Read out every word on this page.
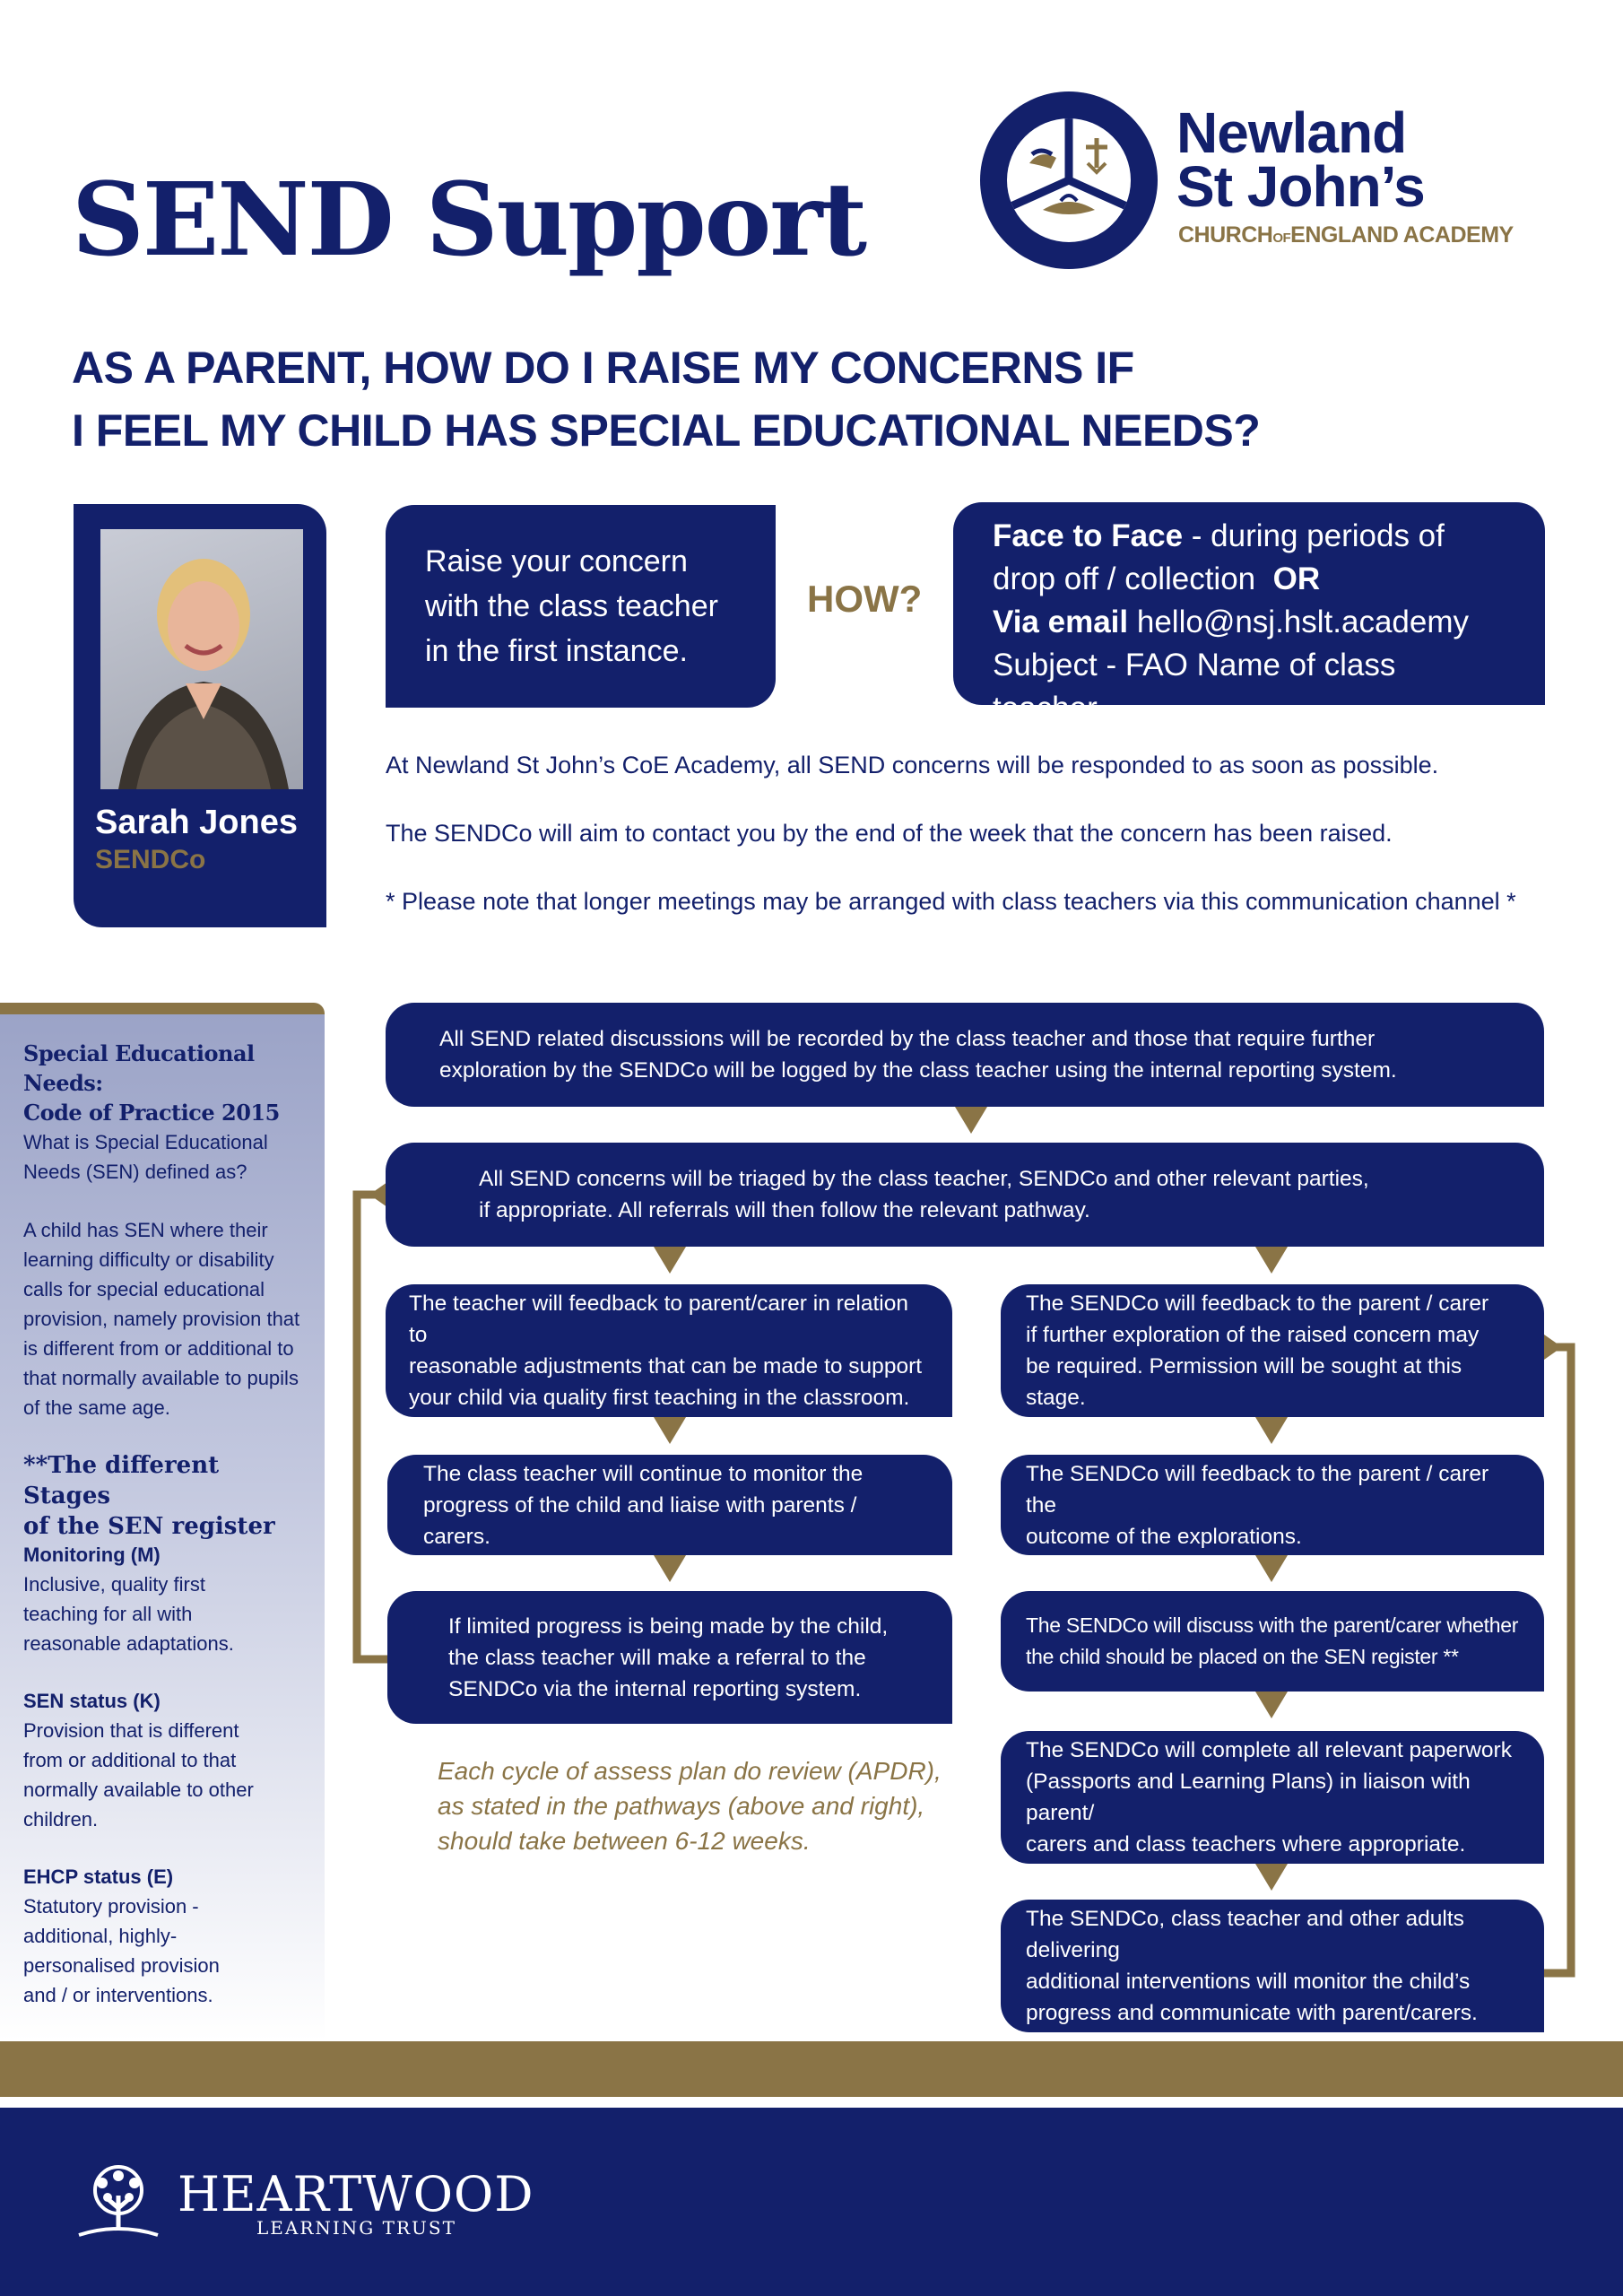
SEND Support
Newland
St John’s
CHURCHOFENGLAND ACADEMY
AS A PARENT, HOW DO I RAISE MY CONCERNS IF
I FEEL MY CHILD HAS SPECIAL EDUCATIONAL NEEDS?
Sarah Jones
SENDCo
Raise your concern
with the class teacher
in the first instance.
HOW?
Face to Face - during periods of
drop off / collection OR
Via email hello@nsj.hslt.academy
Subject - FAO Name of class teacher
At Newland St John’s CoE Academy, all SEND concerns will be responded to as soon as possible.
The SENDCo will aim to contact you by the end of the week that the concern has been raised.
* Please note that longer meetings may be arranged with class teachers via this communication channel *
Special Educational Needs:
Code of Practice 2015
What is Special Educational
Needs (SEN) defined as?
A child has SEN where their
learning difficulty or disability
calls for special educational
provision, namely provision that
is different from or additional to
that normally available to pupils
of the same age.
**The different Stages
of the SEN register
Monitoring (M)
Inclusive, quality first
teaching for all with
reasonable adaptations.
SEN status (K)
Provision that is different
from or additional to that
normally available to other
children.
EHCP status (E)
Statutory provision -
additional, highly-
personalised provision
and / or interventions.
All SEND related discussions will be recorded by the class teacher and those that require further
exploration by the SENDCo will be logged by the class teacher using the internal reporting system.
All SEND concerns will be triaged by the class teacher, SENDCo and other relevant parties,
if appropriate. All referrals will then follow the relevant pathway.
The teacher will feedback to parent/carer in relation to
reasonable adjustments that can be made to support
your child via quality first teaching in the classroom.
The class teacher will continue to monitor the
progress of the child and liaise with parents / carers.
If limited progress is being made by the child,
the class teacher will make a referral to the
SENDCo via the internal reporting system.
Each cycle of assess plan do review (APDR),
as stated in the pathways (above and right),
should take between 6-12 weeks.
The SENDCo will feedback to the parent / carer
if further exploration of the raised concern may
be required. Permission will be sought at this stage.
The SENDCo will feedback to the parent / carer the
outcome of the explorations.
The SENDCo will discuss with the parent/carer whether
the child should be placed on the SEN register **
The SENDCo will complete all relevant paperwork
(Passports and Learning Plans) in liaison with parent/
carers and class teachers where appropriate.
The SENDCo, class teacher and other adults delivering
additional interventions will monitor the child’s
progress and communicate with parent/carers.
HEARTWOOD
LEARNING TRUST
